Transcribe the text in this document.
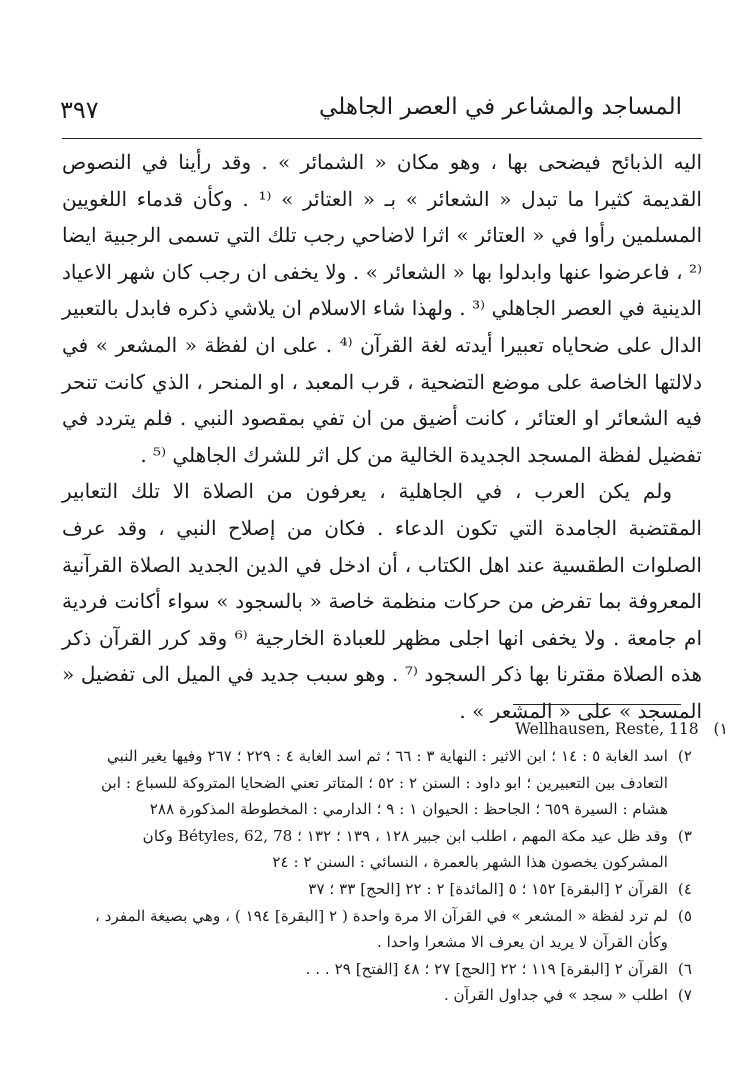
٣٩٧	المساجد والمشاعر في العصر الجاهلي

اليه الذبائح فيضحى بها ، وهو مكان « الشمائر » . وقد رأينا في النصوص القديمة كثيرا ما تبدل « الشعائر » بـ « العتائر » ⁽¹ . وكأن قدماء اللغويين المسلمين رأوا في « العتائر » اثرا لاضاحي رجب تلك التي تسمى الرجبية ايضا ⁽² ، فاعرضوا عنها وابدلوا بها « الشعائر » . ولا يخفى ان رجب كان شهر الاعياد الدينية في العصر الجاهلي ⁽³ . ولهذا شاء الاسلام ان يلاشي ذكره فابدل بالتعبير الدال على ضحاياه تعبيرا أيدته لغة القرآن ⁽⁴ . على ان لفظة « المشعر » في دلالتها الخاصة على موضع التضحية ، قرب المعبد ، او المنحر ، الذي كانت تنحر فيه الشعائر او العتائر ، كانت أضيق من ان تفي بمقصود النبي . فلم يتردد في تفضيل لفظة المسجد الجديدة الخالية من كل اثر للشرك الجاهلي ⁽⁵ .

ولم يكن العرب ، في الجاهلية ، يعرفون من الصلاة الا تلك التعابير المقتضبة الجامدة التي تكون الدعاء . فكان من إصلاح النبي ، وقد عرف الصلوات الطقسية عند اهل الكتاب ، أن ادخل في الدين الجديد الصلاة القرآنية المعروفة بما تفرض من حركات منظمة خاصة « بالسجود » سواء أكانت فردية ام جامعة . ولا يخفى انها اجلى مظهر للعبادة الخارجية ⁽⁶ وقد كرر القرآن ذكر هذه الصلاة مقترنا بها ذكر السجود ⁽⁷ . وهو سبب جديد في الميل الى تفضيل « المسجد » على « المشعر » .

Wellhausen, Reste, 118 (١

٢)اسد الغابة ٥ : ١٤ ؛ ابن الاثير : النهاية ٣ : ٦٦ ؛ ثم اسد الغابة ٤ : ٢٢٩ ؛ ٢٦٧ وفيها يغير النبي التعادف بين التعبيرين ؛ ابو داود : السنن ٢ : ٥٢ ؛ المتاتر تعني الضحايا المتروكة للسباع : ابن هشام : السيرة ٦٥٩ ؛ الجاحظ : الحيوان ١ : ٩ ؛ الدارمي : المخطوطة المذكورة ٢٨٨

٣)وقد ظل عيد مكة المهم ، اطلب ابن جبير ١٢٨ ، ١٣٩ ؛ ١٣٢ ؛ Bétyles, 62, 78 وكان المشركون يخصون هذا الشهر بالعمرة ، النسائي : السنن ٢ : ٢٤

٤)القرآن ٢ [البقرة] ١٥٢ ؛ ٥ [المائدة] ٢ : ٢٢ [الحج] ٣٣ ؛ ٣٧

٥)لم ترد لفظة « المشعر » في القرآن الا مرة واحدة ( ٢ [البقرة] ١٩٤ ) ، وهي بصيغة المفرد ، وكأن القرآن لا يريد ان يعرف الا مشعرا واحدا .

٦)القرآن ٢ [البقرة] ١١٩ ؛ ٢٢ [الحج] ٢٧ ؛ ٤٨ [الفتح] ٢٩ . . .

٧)اطلب « سجد » في جداول القرآن .
